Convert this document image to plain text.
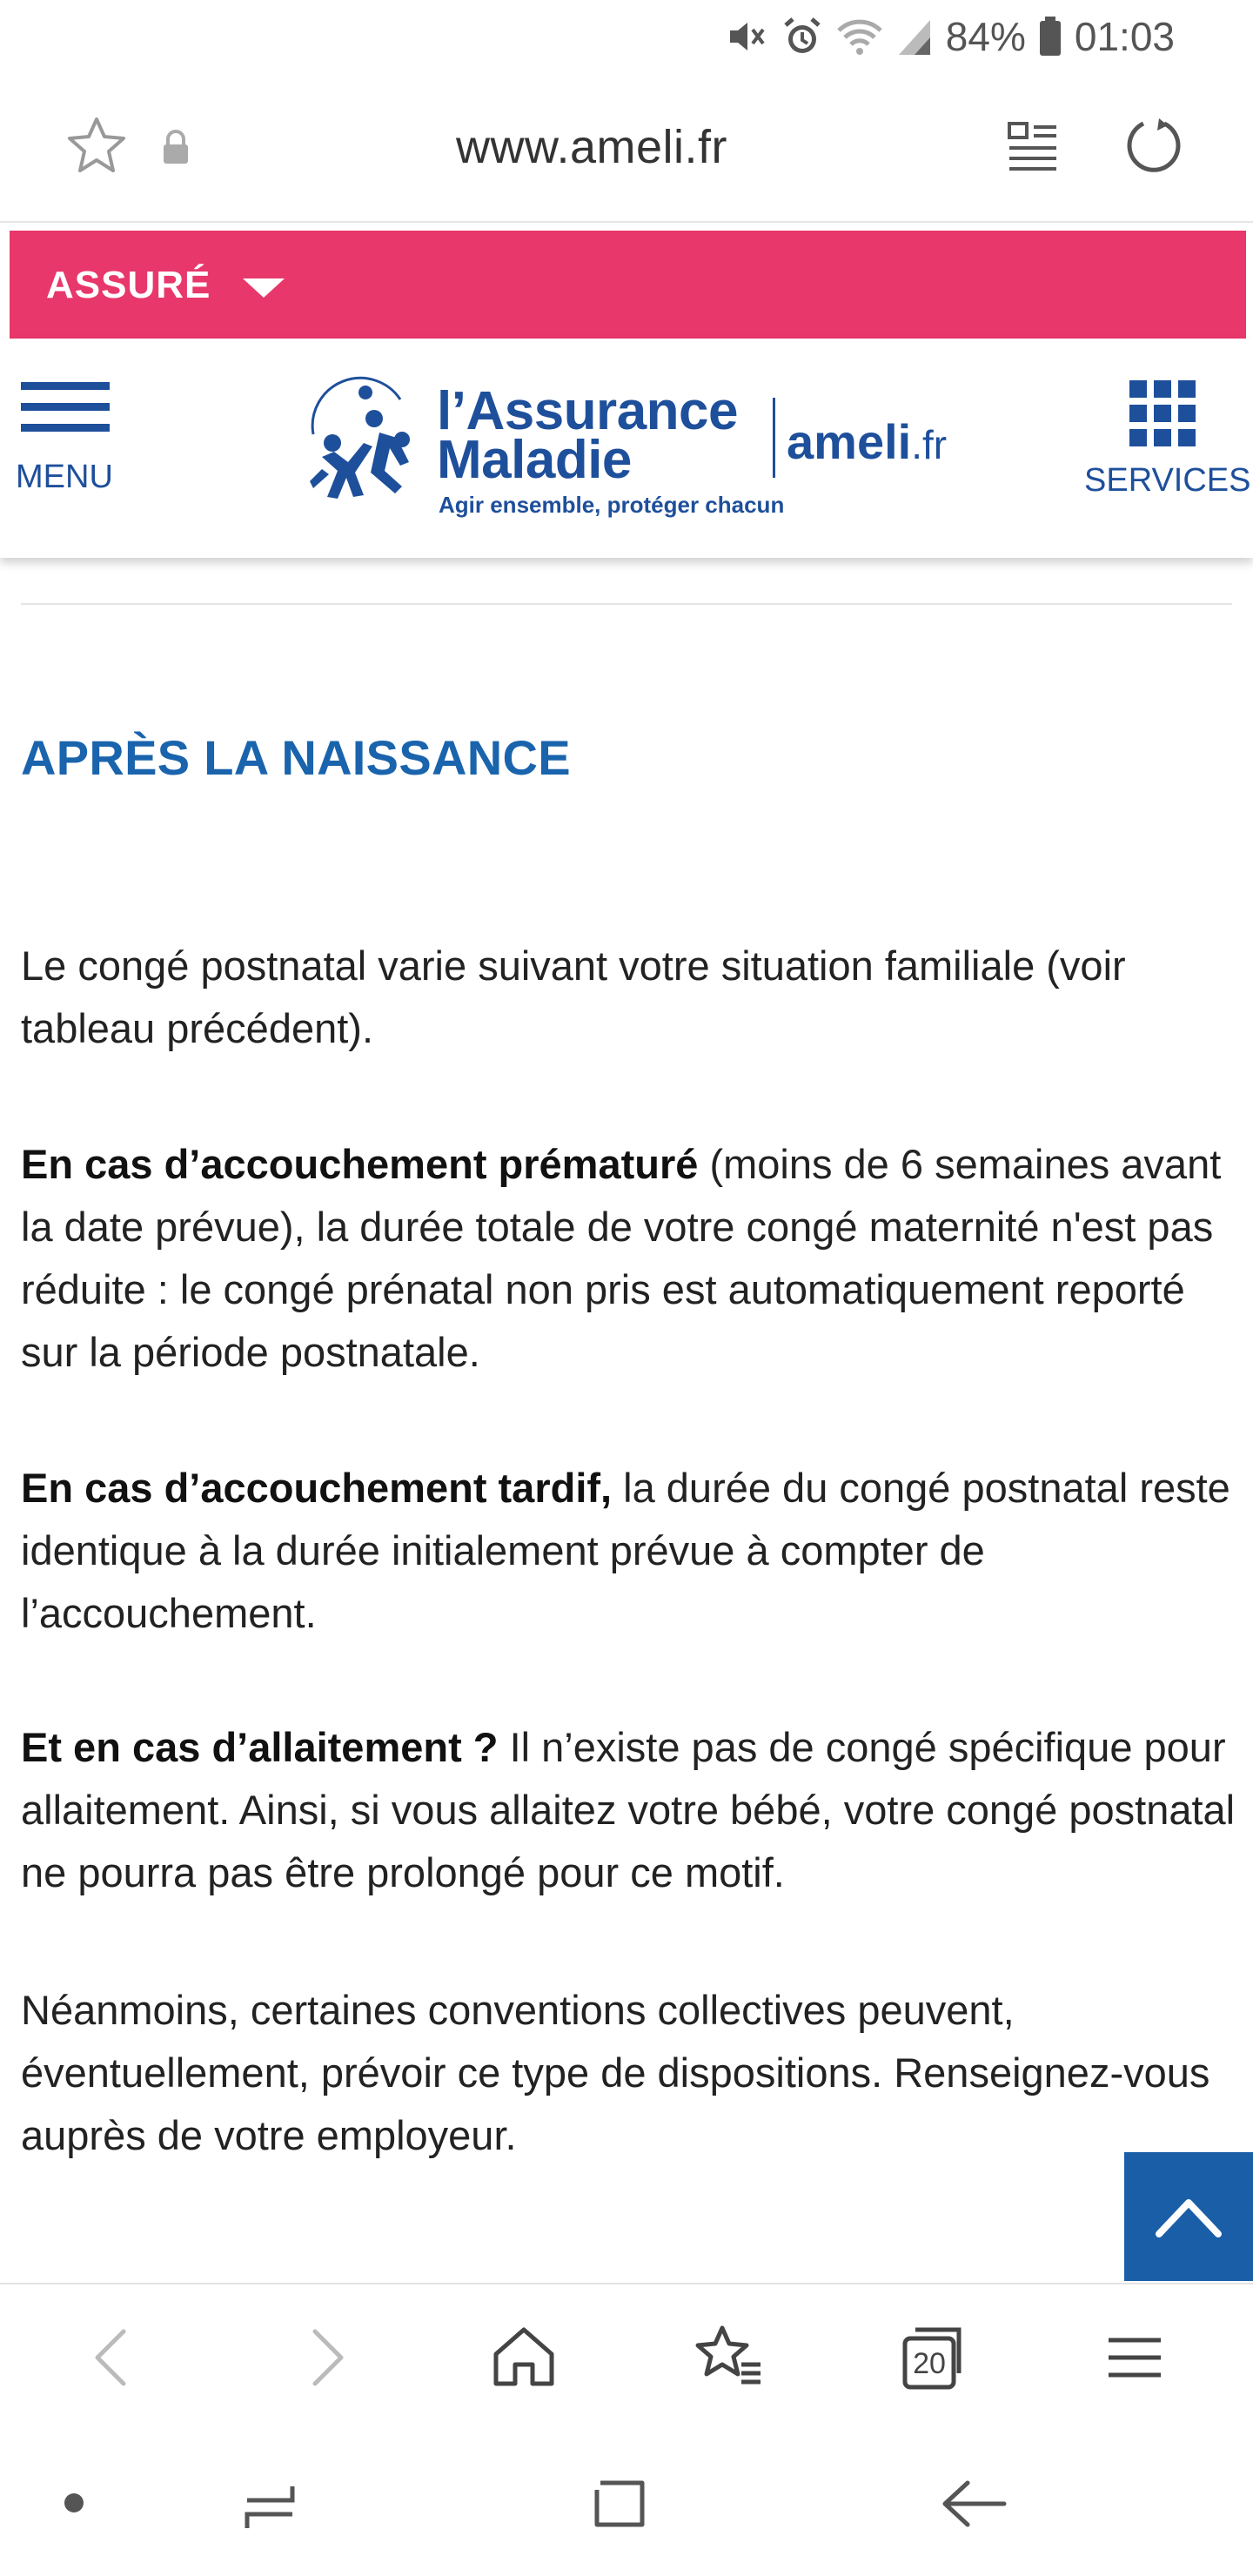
84% 01:03
www.ameli.fr
ASSURÉ
MENU
l’Assurance
Maladie
Agir ensemble, protéger chacun
ameli.fr
SERVICES
APRÈS LA NAISSANCE
Le congé postnatal varie suivant votre situation familiale (voir tableau précédent).
En cas d’accouchement prématuré (moins de 6 semaines avant la date prévue), la durée totale de votre congé maternité n'est pas réduite : le congé prénatal non pris est automatiquement reporté sur la période postnatale.
En cas d’accouchement tardif, la durée du congé postnatal reste identique à la durée initialement prévue à compter de l’accouchement.
Et en cas d’allaitement ? Il n’existe pas de congé spécifique pour allaitement. Ainsi, si vous allaitez votre bébé, votre congé postnatal ne pourra pas être prolongé pour ce motif.
Néanmoins, certaines conventions collectives peuvent, éventuellement, prévoir ce type de dispositions. Renseignez-vous auprès de votre employeur.
20
